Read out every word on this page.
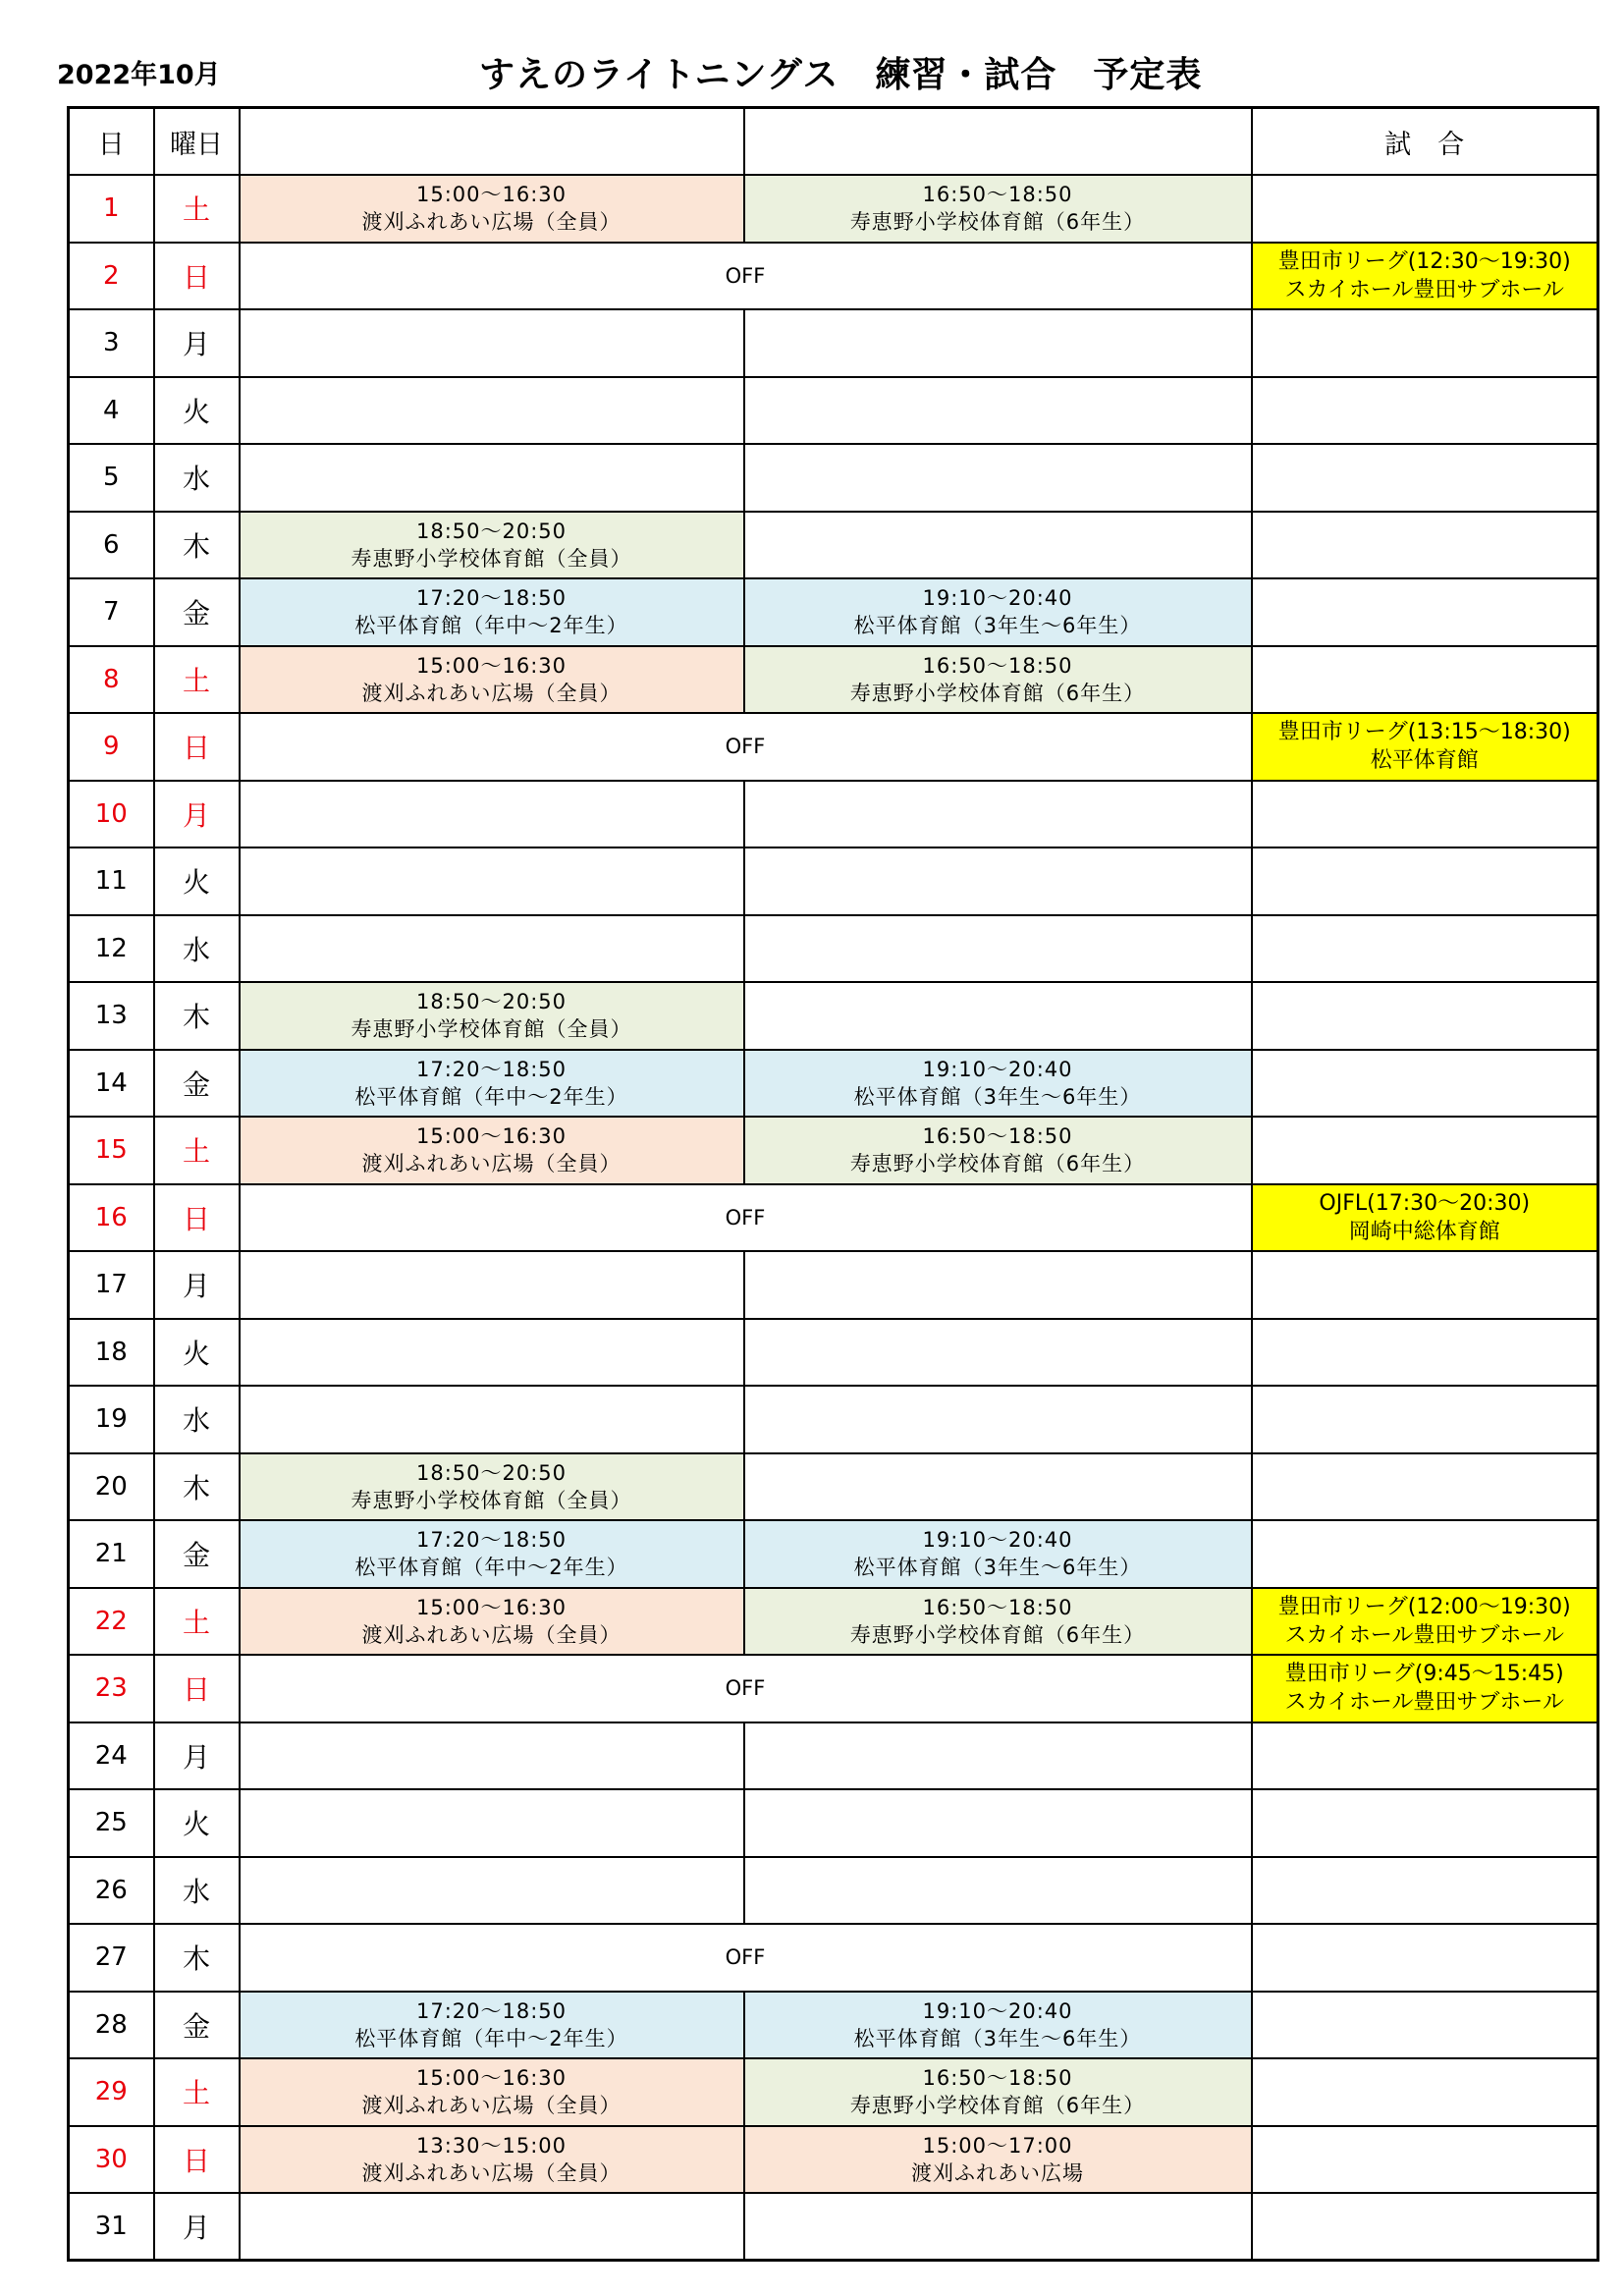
2022年10月	すえのライトニングス　練習・試合　予定表
日	曜日			試　合
1	土	15:00〜16:30
渡刈ふれあい広場（全員）	16:50〜18:50
寿恵野小学校体育館（6年生）	

2	日	OFF		豊田市リーグ(12:30〜19:30)
スカイホール豊田サブホール

3	月			
4	火			
5	水			
6	木	18:50〜20:50
寿恵野小学校体育館（全員）		

7	金	17:20〜18:50
松平体育館（年中〜2年生）	19:10〜20:40
松平体育館（3年生〜6年生）	

8	土	15:00〜16:30
渡刈ふれあい広場（全員）	16:50〜18:50
寿恵野小学校体育館（6年生）	

9	日	OFF		豊田市リーグ(13:15〜18:30)
松平体育館

10	月			
11	火			
12	水			
13	木	18:50〜20:50
寿恵野小学校体育館（全員）		

14	金	17:20〜18:50
松平体育館（年中〜2年生）	19:10〜20:40
松平体育館（3年生〜6年生）	

15	土	15:00〜16:30
渡刈ふれあい広場（全員）	16:50〜18:50
寿恵野小学校体育館（6年生）	

16	日	OFF		OJFL(17:30〜20:30)
岡崎中総体育館

17	月			
18	火			
19	水			
20	木	18:50〜20:50
寿恵野小学校体育館（全員）		

21	金	17:20〜18:50
松平体育館（年中〜2年生）	19:10〜20:40
松平体育館（3年生〜6年生）	

22	土	15:00〜16:30
渡刈ふれあい広場（全員）	16:50〜18:50
寿恵野小学校体育館（6年生）	豊田市リーグ(12:00〜19:30)
スカイホール豊田サブホール

23	日	OFF		豊田市リーグ(9:45〜15:45)
スカイホール豊田サブホール

24	月			
25	火			
26	水			
27	木	OFF		
28	金	17:20〜18:50
松平体育館（年中〜2年生）	19:10〜20:40
松平体育館（3年生〜6年生）	

29	土	15:00〜16:30
渡刈ふれあい広場（全員）	16:50〜18:50
寿恵野小学校体育館（6年生）	

30	日	13:30〜15:00
渡刈ふれあい広場（全員）	15:00〜17:00
渡刈ふれあい広場	

31	月			
